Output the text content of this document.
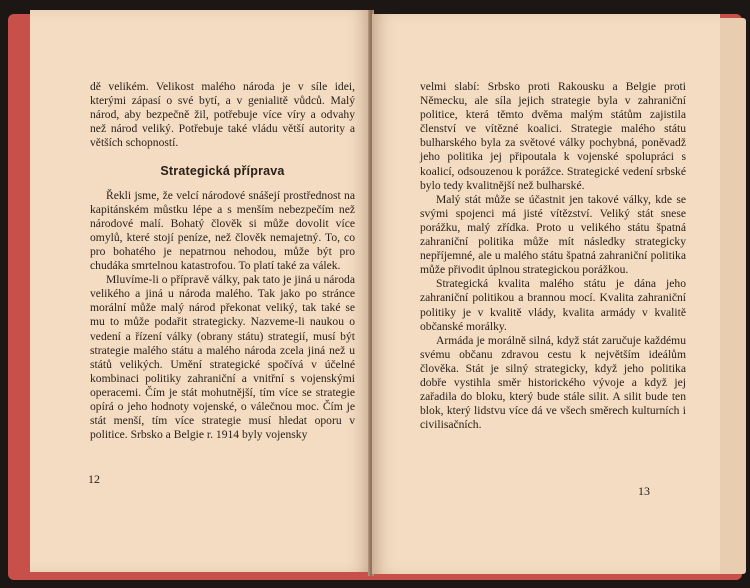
dě velikém. Velikost malého národa je v síle idei, kterými zápasí o své bytí, a v genialitě vůdců. Malý národ, aby bezpečně žil, potřebuje více víry a odvahy než národ veliký. Potřebuje také vládu větší autority a větších schopností.

Strategická příprava

Řekli jsme, že velcí národové snášejí prostřednost na kapitánském můstku lépe a s menším nebezpečím než národové malí. Bohatý člověk si může dovolit více omylů, které stojí peníze, než člověk nemajetný. To, co pro bohatého je nepatrnou nehodou, může být pro chudáka smrtelnou katastrofou. To platí také za válek.

Mluvíme-li o přípravě války, pak tato je jiná u národa velikého a jiná u národa malého. Tak jako po stránce morální může malý národ překonat veliký, tak také se mu to může podařit strategicky. Nazveme-li naukou o vedení a řízení války (obrany státu) strategií, musí být strategie malého státu a malého národa zcela jiná než u států velikých. Umění strategické spočívá v účelné kombinaci politiky zahraniční a vnitřní s vojenskými operacemi. Čím je stát mohutnější, tím více se strategie opírá o jeho hodnoty vojenské, o válečnou moc. Čím je stát menší, tím více strategie musí hledat oporu v politice. Srbsko a Belgie r. 1914 byly vojensky

12

velmi slabí: Srbsko proti Rakousku a Belgie proti Německu, ale síla jejich strategie byla v zahraniční politice, která těmto dvěma malým státům zajistila členství ve vítězné koalici. Strategie malého státu bulharského byla za světové války pochybná, poněvadž jeho politika jej připoutala k vojenské spolupráci s koalicí, odsouzenou k porážce. Strategické vedení srbské bylo tedy kvalitnější než bulharské.

Malý stát může se účastnit jen takové války, kde se svými spojenci má jisté vítězství. Veliký stát snese porážku, malý zřídka. Proto u velikého státu špatná zahraniční politika může mít následky strategicky nepříjemné, ale u malého státu špatná zahraniční politika může přivodit úplnou strategickou porážkou.

Strategická kvalita malého státu je dána jeho zahraniční politikou a brannou mocí. Kvalita zahraniční politiky je v kvalitě vlády, kvalita armády v kvalitě občanské morálky.

Armáda je morálně silná, když stát zaručuje každému svému občanu zdravou cestu k největším ideálům člověka. Stát je silný strategicky, když jeho politika dobře vystihla směr historického vývoje a když jej zařadila do bloku, který bude stále silit. A silit bude ten blok, který lidstvu více dá ve všech směrech kulturních i civilisačních.

13
